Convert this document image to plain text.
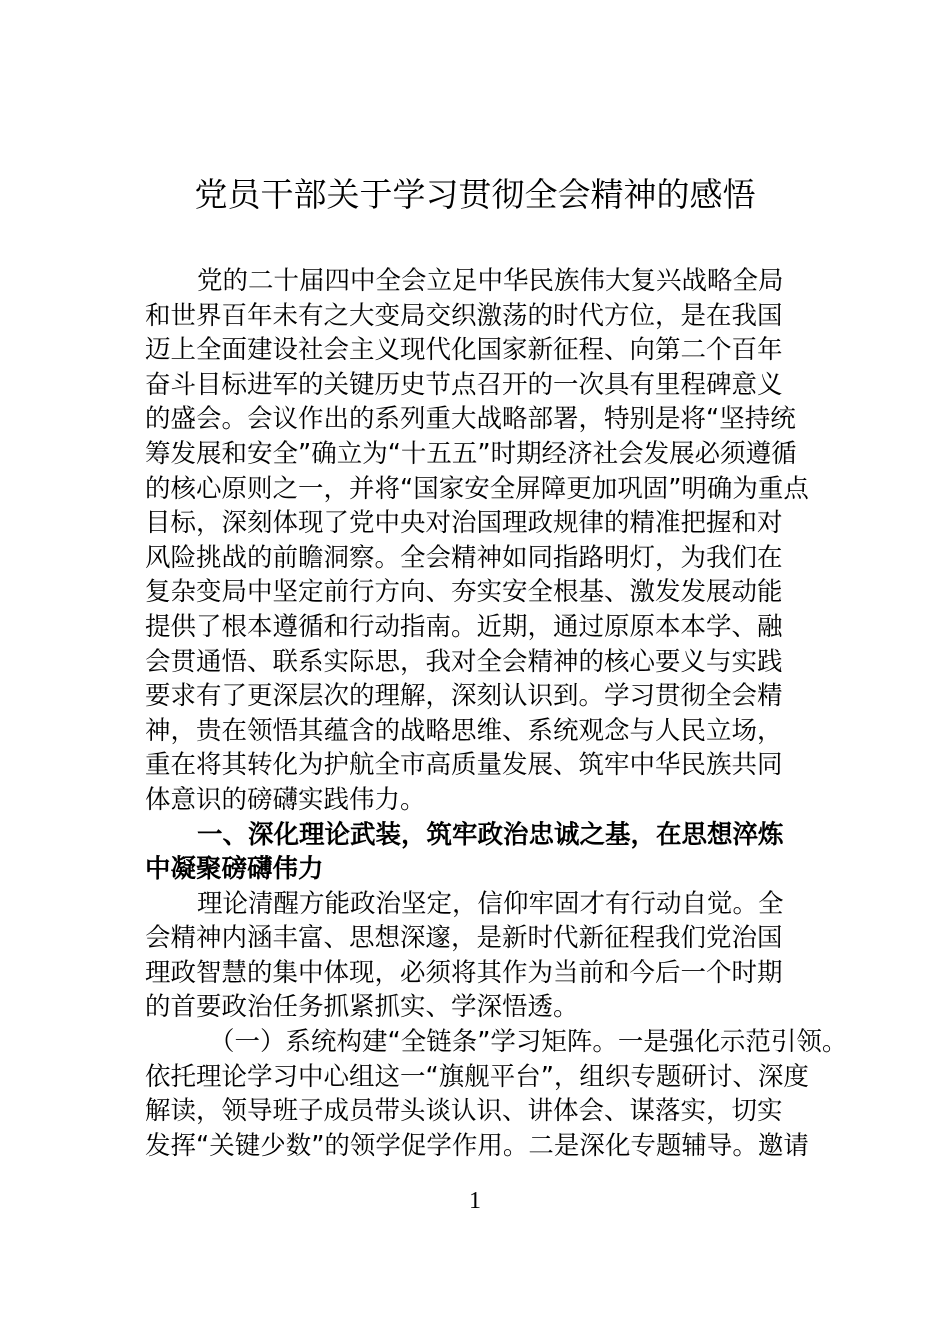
党员干部关于学习贯彻全会精神的感悟
党的二十届四中全会立足中华民族伟大复兴战略全局
和世界百年未有之大变局交织激荡的时代方位，是在我国
迈上全面建设社会主义现代化国家新征程、向第二个百年
奋斗目标进军的关键历史节点召开的一次具有里程碑意义
的盛会。会议作出的系列重大战略部署，特别是将“坚持统
筹发展和安全”确立为“十五五”时期经济社会发展必须遵循
的核心原则之一，并将“国家安全屏障更加巩固”明确为重点
目标，深刻体现了党中央对治国理政规律的精准把握和对
风险挑战的前瞻洞察。全会精神如同指路明灯，为我们在
复杂变局中坚定前行方向、夯实安全根基、激发发展动能
提供了根本遵循和行动指南。近期，通过原原本本学、融
会贯通悟、联系实际思，我对全会精神的核心要义与实践
要求有了更深层次的理解，深刻认识到。学习贯彻全会精
神，贵在领悟其蕴含的战略思维、系统观念与人民立场，
重在将其转化为护航全市高质量发展、筑牢中华民族共同
体意识的磅礴实践伟力。
一、深化理论武装，筑牢政治忠诚之基，在思想淬炼
中凝聚磅礴伟力
理论清醒方能政治坚定，信仰牢固才有行动自觉。全
会精神内涵丰富、思想深邃，是新时代新征程我们党治国
理政智慧的集中体现，必须将其作为当前和今后一个时期
的首要政治任务抓紧抓实、学深悟透。
（一）系统构建“全链条”学习矩阵。一是强化示范引领。
依托理论学习中心组这一“旗舰平台”，组织专题研讨、深度
解读，领导班子成员带头谈认识、讲体会、谋落实，切实
发挥“关键少数”的领学促学作用。二是深化专题辅导。邀请
1
